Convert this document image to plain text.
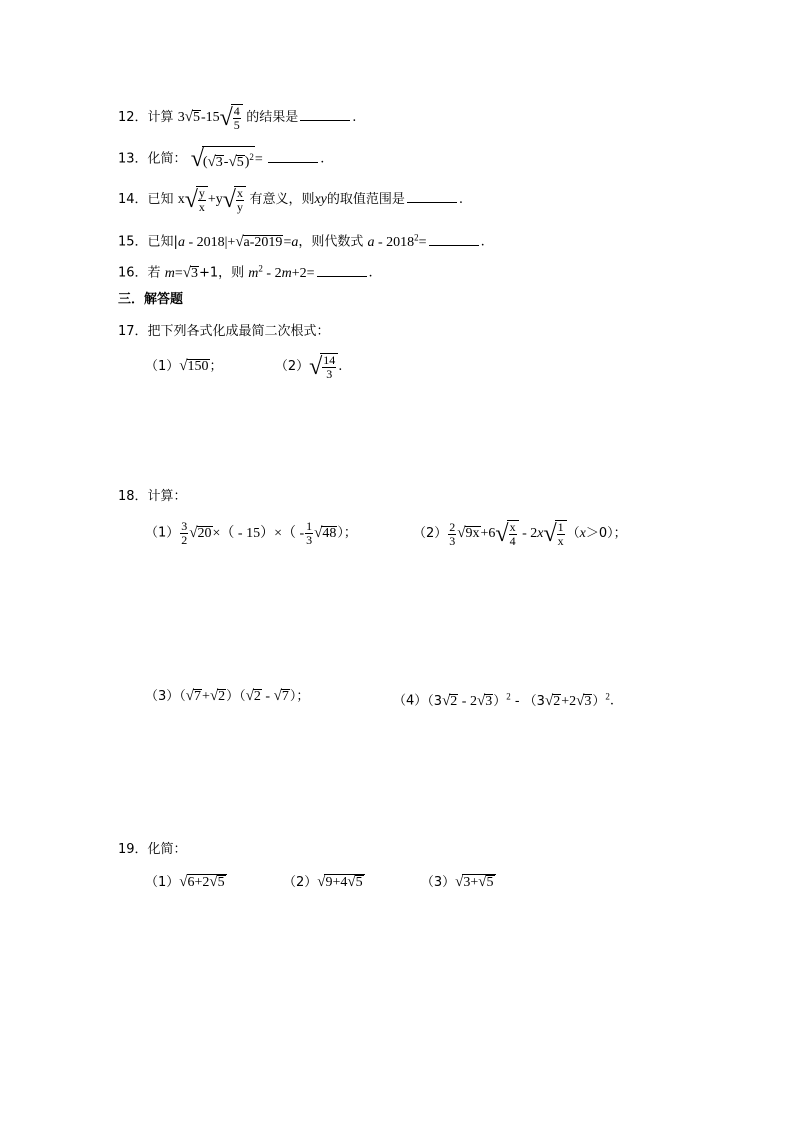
12．计算 $3√5-15√ \frac{4}{5}$ 的结果是	.
13．化简： $√(√3-√5)^2=$	.
14．已知 $x√ \frac{y}{x} +y√ \frac{x}{y}$ 有意义，则xy的取值范围是	.
15．已知|a - 2018|+√a-2019=a，则代数式 $a - 2018^2=$	.
16．若 m=√3+1，则 $m^2 - 2m+2=$	.
三．解答题
17．把下列各式化成最简二次根式：
（1）√150；	$(2)√ \frac{14}{3}$ .
18．计算：
$(1) \frac{3}{2} √20\times( - 15)\times( - \frac{1}{3} √48)$；	$(2) \frac{2}{3} √9x+6√ \frac{x}{4} - 2x√ \frac{1}{x} (x>0)$；
（3）（√7+√2）（√2 - √7）；	$(4)(3√2 - 2√3)^2 - (3√2+2√3)^2$.
19．化简：
（1）√6+2√5	（2）√9+4√5	（3）√3+√5
